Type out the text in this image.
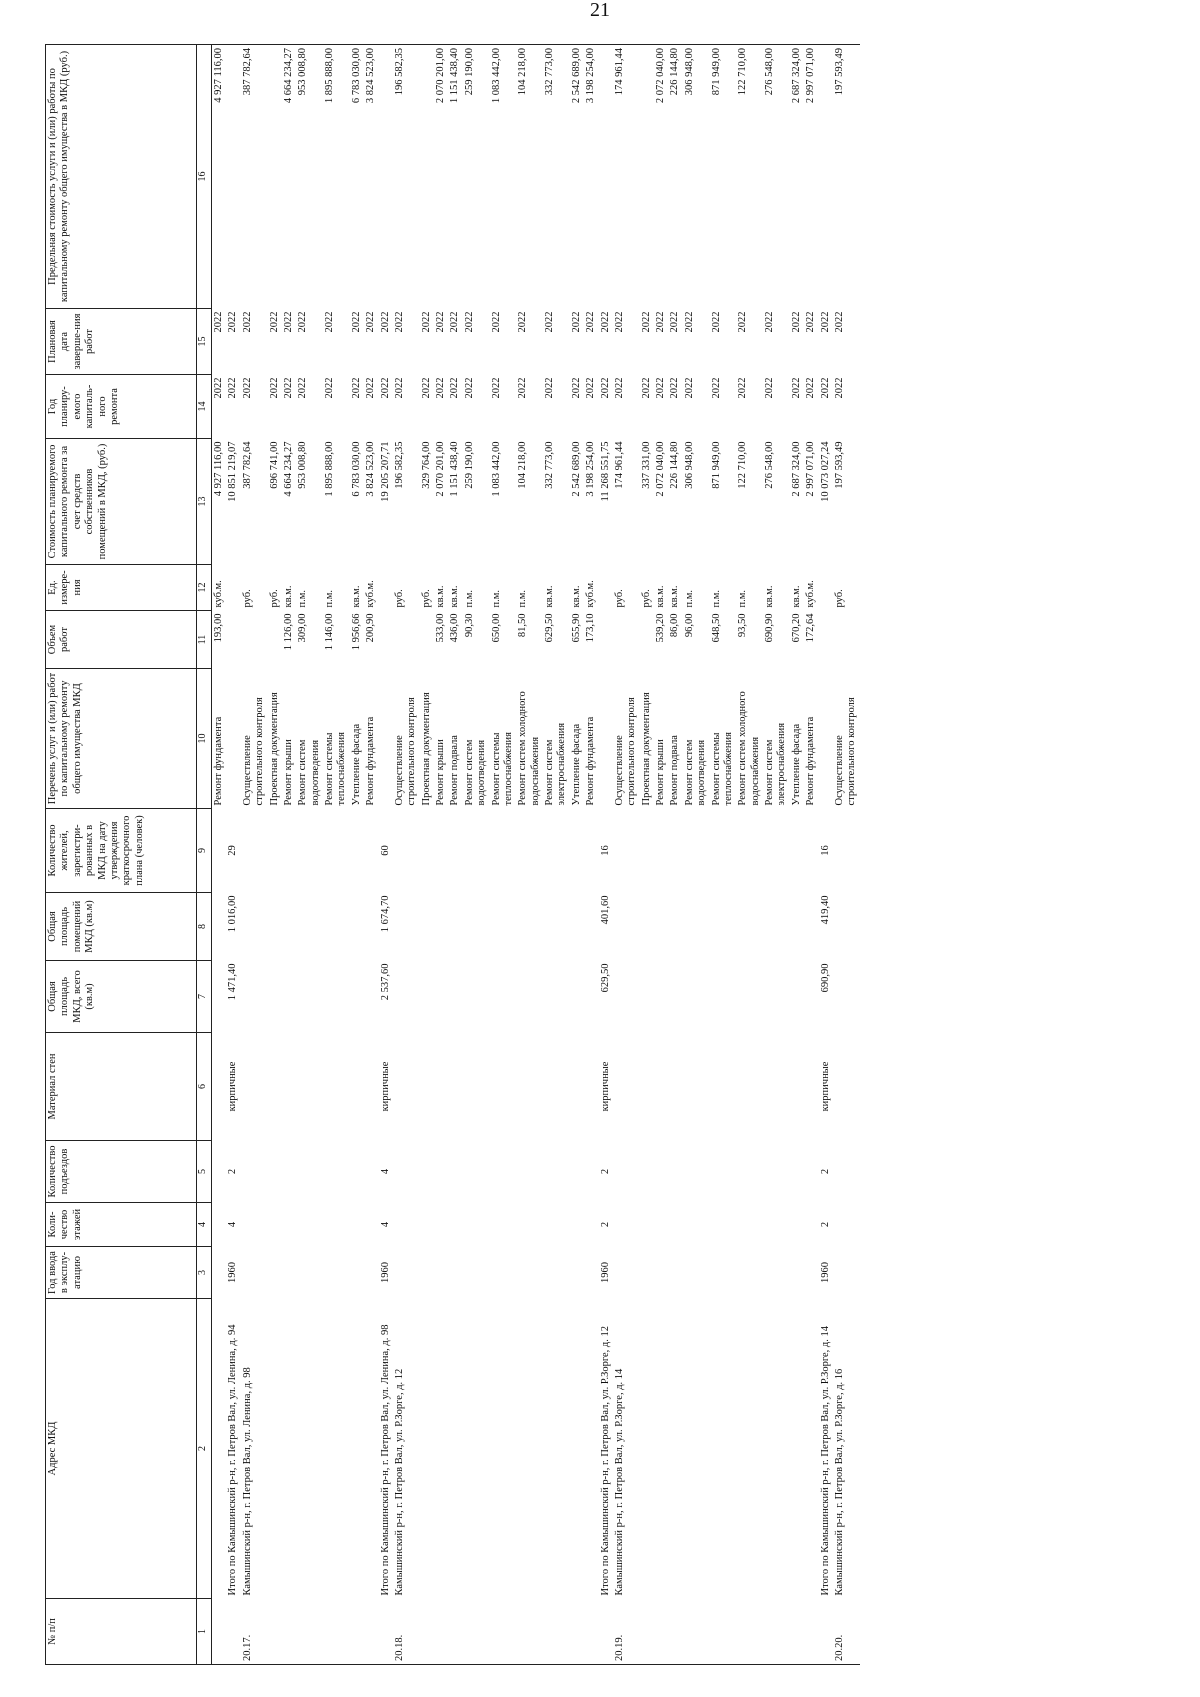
21
№ п/п	Адрес МКД	Год ввода в эксплу-атацию	Коли-чество этажей	Количество подъездов	Материал стен	Общая площадь МКД, всего (кв.м)	Общая площадь помещений МКД (кв.м)	Количество жителей, зарегистри-рованных в МКД на дату утверждения краткосрочного плана (человек)	Перечень услуг и (или) работ по капитальному ремонту общего имущества МКД	Объем работ	Ед. измере-ния	Стоимость планируемого капитального ремонта за счет средств собственников помещений в МКД, (руб.)	Год планиру-емого капиталь-ного ремонта	Плановая дата заверше-ния работ	Предельная стоимость услуги и (или) работы по капитальному ремонту общего имущества в МКД (руб.)
1	2	3	4	5	6	7	8	9	10	11	12	13	14	15	16
									Ремонт фундамента	193,00	куб.м.	4 927 116,00	2022	2022	4 927 116,00
	Итого по Камышинский р-н, г. Петров Вал, ул. Ленина, д. 94	1960	4	2	кирпичные	1 471,40	1 016,00	29				10 851 219,07	2022	2022	
20.17.	Камышинский р-н, г. Петров Вал, ул. Ленина, д. 98								Осуществление строительного контроля		руб.	387 782,64	2022	2022	387 782,64
									Проектная документация		руб.	696 741,00	2022	2022	
									Ремонт крыши	1 126,00	кв.м.	4 664 234,27	2022	2022	4 664 234,27
									Ремонт систем водоотведения	309,00	п.м.	953 008,80	2022	2022	953 008,80
									Ремонт системы теплоснабжения	1 146,00	п.м.	1 895 888,00	2022	2022	1 895 888,00
									Утепление фасада	1 956,66	кв.м.	6 783 030,00	2022	2022	6 783 030,00
									Ремонт фундамента	200,90	куб.м.	3 824 523,00	2022	2022	3 824 523,00
	Итого по Камышинский р-н, г. Петров Вал, ул. Ленина, д. 98	1960	4	4	кирпичные	2 537,60	1 674,70	60				19 205 207,71	2022	2022	
20.18.	Камышинский р-н, г. Петров Вал, ул. Р.Зорге, д. 12								Осуществление строительного контроля		руб.	196 582,35	2022	2022	196 582,35
									Проектная документация		руб.	329 764,00	2022	2022	
									Ремонт крыши	533,00	кв.м.	2 070 201,00	2022	2022	2 070 201,00
									Ремонт подвала	436,00	кв.м.	1 151 438,40	2022	2022	1 151 438,40
									Ремонт систем водоотведения	90,30	п.м.	259 190,00	2022	2022	259 190,00
									Ремонт системы теплоснабжения	650,00	п.м.	1 083 442,00	2022	2022	1 083 442,00
									Ремонт систем холодного водоснабжения	81,50	п.м.	104 218,00	2022	2022	104 218,00
									Ремонт систем электроснабжения	629,50	кв.м.	332 773,00	2022	2022	332 773,00
									Утепление фасада	655,90	кв.м.	2 542 689,00	2022	2022	2 542 689,00
									Ремонт фундамента	173,10	куб.м.	3 198 254,00	2022	2022	3 198 254,00
	Итого по Камышинский р-н, г. Петров Вал, ул. Р.Зорге, д. 12	1960	2	2	кирпичные	629,50	401,60	16				11 268 551,75	2022	2022	
20.19.	Камышинский р-н, г. Петров Вал, ул. Р.Зорге, д. 14								Осуществление строительного контроля		руб.	174 961,44	2022	2022	174 961,44
									Проектная документация		руб.	337 331,00	2022	2022	
									Ремонт крыши	539,20	кв.м.	2 072 040,00	2022	2022	2 072 040,00
									Ремонт подвала	86,00	кв.м.	226 144,80	2022	2022	226 144,80
									Ремонт систем водоотведения	96,00	п.м.	306 948,00	2022	2022	306 948,00
									Ремонт системы теплоснабжения	648,50	п.м.	871 949,00	2022	2022	871 949,00
									Ремонт систем холодного водоснабжения	93,50	п.м.	122 710,00	2022	2022	122 710,00
									Ремонт систем электроснабжения	690,90	кв.м.	276 548,00	2022	2022	276 548,00
									Утепление фасада	670,20	кв.м.	2 687 324,00	2022	2022	2 687 324,00
									Ремонт фундамента	172,64	куб.м.	2 997 071,00	2022	2022	2 997 071,00
	Итого по Камышинский р-н, г. Петров Вал, ул. Р.Зорге, д. 14	1960	2	2	кирпичные	690,90	419,40	16				10 073 027,24	2022	2022	
20.20.	Камышинский р-н, г. Петров Вал, ул. Р.Зорге, д. 16								Осуществление строительного контроля		руб.	197 593,49	2022	2022	197 593,49
